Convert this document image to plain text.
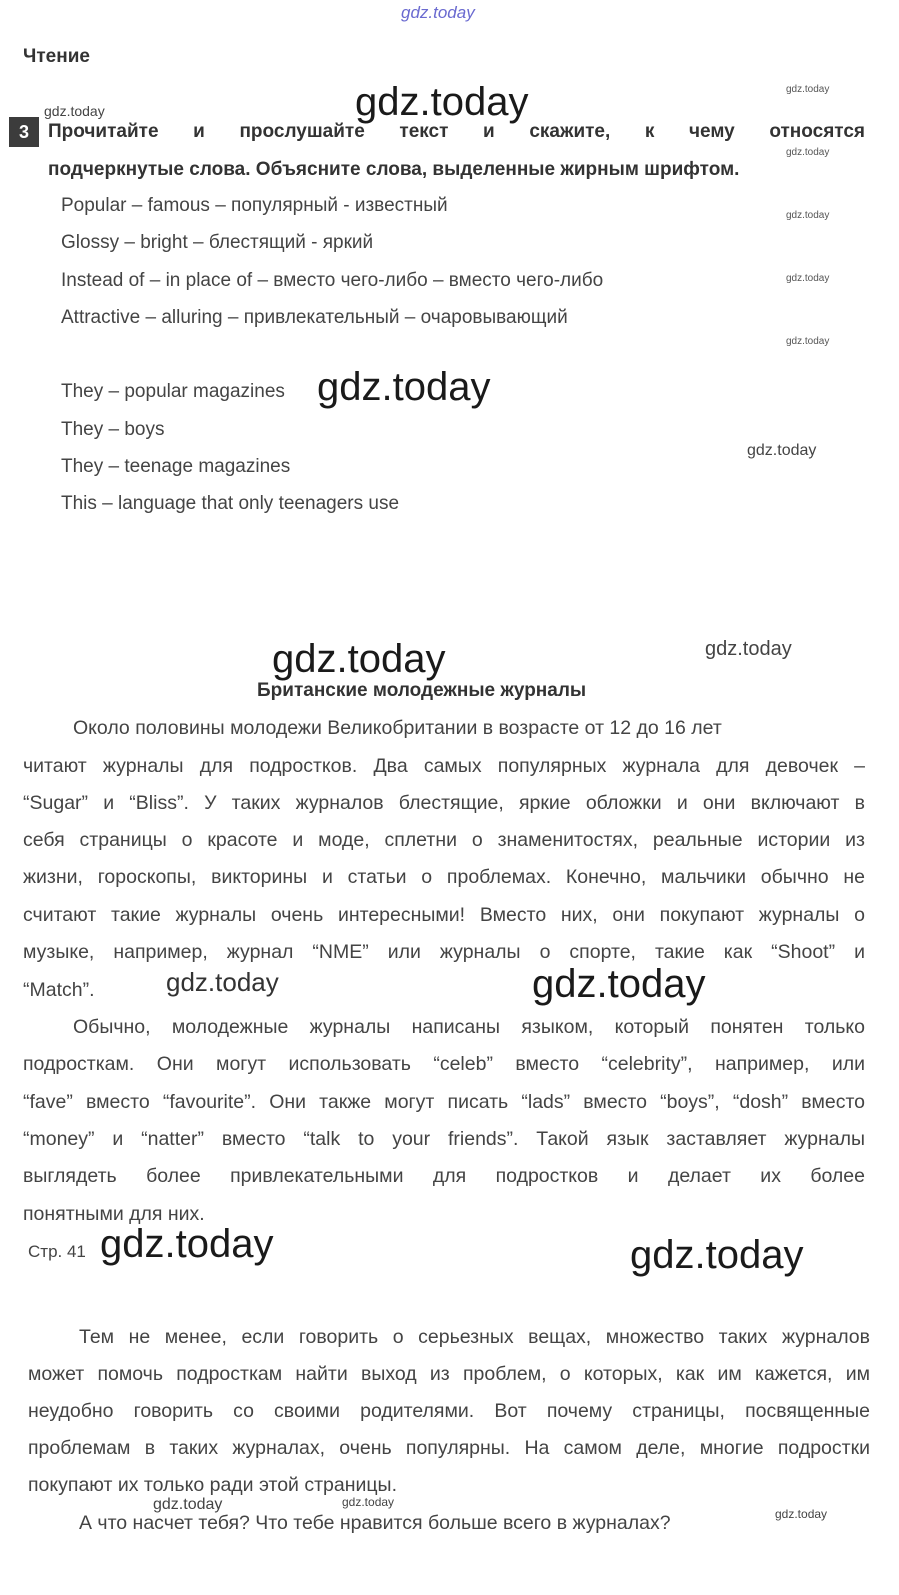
gdz.today
Чтение
3	Прочитайте и прослушайте текст и скажите, к чему относятся
подчеркнутые слова. Объясните слова, выделенные жирным шрифтом.
Popular – famous – популярный - известный
Glossy – bright – блестящий - яркий
Instead of – in place of – вместо чего-либо – вместо чего-либо
Attractive – alluring – привлекательный – очаровывающий
They – popular magazines
They – boys
They – teenage magazines
This – language that only teenagers use
Британские молодежные журналы
Около половины молодежи Великобритании в возрасте от 12 до 16 лет
читают журналы для подростков. Два самых популярных журнала для девочек –
“Sugar” и “Bliss”. У таких журналов блестящие, яркие обложки и они включают в
себя страницы о красоте и моде, сплетни о знаменитостях, реальные истории из
жизни, гороскопы, викторины и статьи о проблемах. Конечно, мальчики обычно не
считают такие журналы очень интересными! Вместо них, они покупают журналы о
музыке, например, журнал “NME” или журналы о спорте, такие как “Shoot” и
“Match”.
Обычно, молодежные журналы написаны языком, который понятен только
подросткам. Они могут использовать “celeb” вместо “celebrity”, например, или
“fave” вместо “favourite”. Они также могут писать “lads” вместо “boys”, “dosh” вместо
“money” и “natter” вместо “talk to your friends”. Такой язык заставляет журналы
выглядеть более привлекательными для подростков и делает их более
понятными для них.
Стр. 41
Тем не менее, если говорить о серьезных вещах, множество таких журналов
может помочь подросткам найти выход из проблем, о которых, как им кажется, им
неудобно говорить со своими родителями. Вот почему страницы, посвященные
проблемам в таких журналах, очень популярны. На самом деле, многие подростки
покупают их только ради этой страницы.
А что насчет тебя? Что тебе нравится больше всего в журналах?
gdz.today	gdz.today	gdz.today
gdz.today
gdz.today
gdz.today
gdz.today
gdz.today
gdz.today
gdz.today	gdz.today
gdz.today	gdz.today
gdz.today	gdz.today
gdz.today	gdz.today
gdz.today
